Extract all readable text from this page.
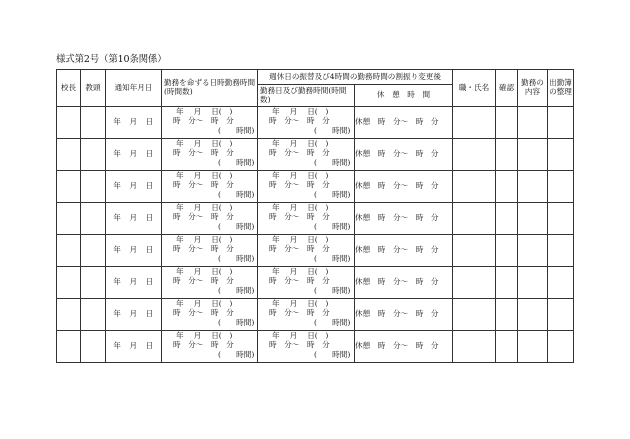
様式第2号（第10条関係）
校長	教頭	通知年月日	勤務を命ずる日時勤務時間(時間数)	週休日の振替及び4時間の勤務時間の割振り変更後		職・氏名	確認	勤務の内容	出勤簿の整理
				勤務日及び勤務時間(時間数)	休　憩　時　間				
		年　月　日	年　 月　 日(　)
時　分～　時　分
(　　時間)	年　 月　 日(　)
時　分～　時　分
(　　時間)	休憩　時　分～　時　分				
		年　月　日	年　 月　 日(　)
時　分～　時　分
(　　時間)	年　 月　 日(　)
時　分～　時　分
(　　時間)	休憩　時　分～　時　分				
		年　月　日	年　 月　 日(　)
時　分～　時　分
(　　時間)	年　 月　 日(　)
時　分～　時　分
(　　時間)	休憩　時　分～　時　分				
		年　月　日	年　 月　 日(　)
時　分～　時　分
(　　時間)	年　 月　 日(　)
時　分～　時　分
(　　時間)	休憩　時　分～　時　分				
		年　月　日	年　 月　 日(　)
時　分～　時　分
(　　時間)	年　 月　 日(　)
時　分～　時　分
(　　時間)	休憩　時　分～　時　分				
		年　月　日	年　 月　 日(　)
時　分～　時　分
(　　時間)	年　 月　 日(　)
時　分～　時　分
(　　時間)	休憩　時　分～　時　分				
		年　月　日	年　 月　 日(　)
時　分～　時　分
(　　時間)	年　 月　 日(　)
時　分～　時　分
(　　時間)	休憩　時　分～　時　分				
		年　月　日	年　 月　 日(　)
時　分～　時　分
(　　時間)	年　 月　 日(　)
時　分～　時　分
(　　時間)	休憩　時　分～　時　分				
